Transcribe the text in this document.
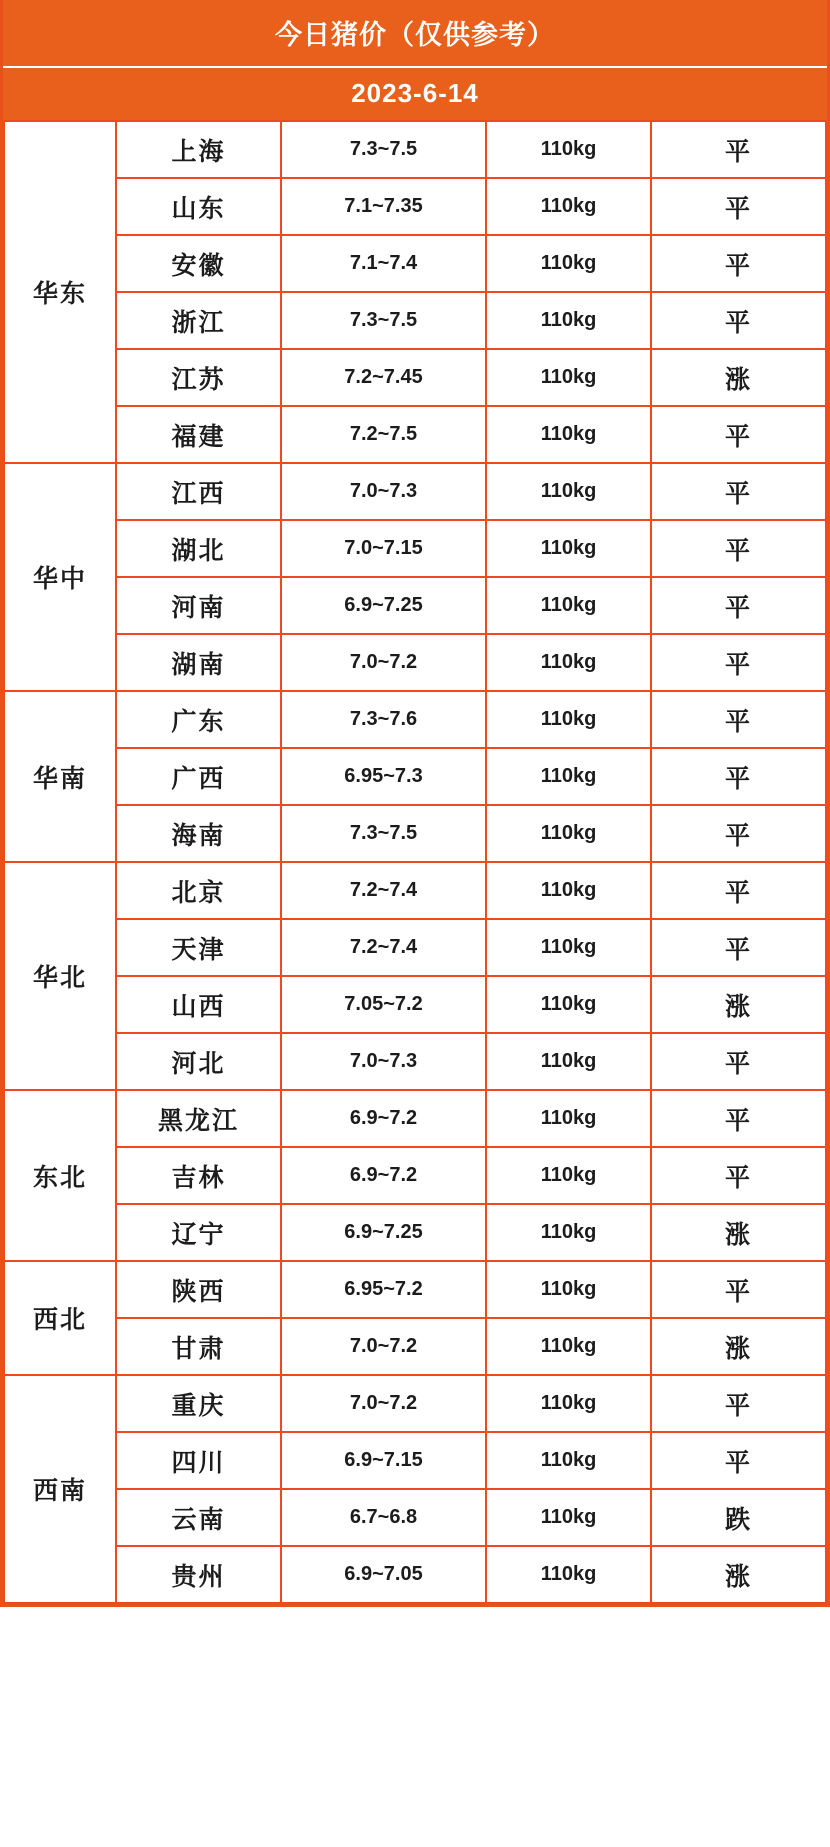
今日猪价（仅供参考）
2023-6-14
华东	上海	7.3~7.5	110kg	平
	山东	7.1~7.35	110kg	平
	安徽	7.1~7.4	110kg	平
	浙江	7.3~7.5	110kg	平
	江苏	7.2~7.45	110kg	涨
	福建	7.2~7.5	110kg	平
华中	江西	7.0~7.3	110kg	平
	湖北	7.0~7.15	110kg	平
	河南	6.9~7.25	110kg	平
	湖南	7.0~7.2	110kg	平
华南	广东	7.3~7.6	110kg	平
	广西	6.95~7.3	110kg	平
	海南	7.3~7.5	110kg	平
华北	北京	7.2~7.4	110kg	平
	天津	7.2~7.4	110kg	平
	山西	7.05~7.2	110kg	涨
	河北	7.0~7.3	110kg	平
东北	黑龙江	6.9~7.2	110kg	平
	吉林	6.9~7.2	110kg	平
	辽宁	6.9~7.25	110kg	涨
西北	陕西	6.95~7.2	110kg	平
	甘肃	7.0~7.2	110kg	涨
西南	重庆	7.0~7.2	110kg	平
	四川	6.9~7.15	110kg	平
	云南	6.7~6.8	110kg	跌
	贵州	6.9~7.05	110kg	涨
